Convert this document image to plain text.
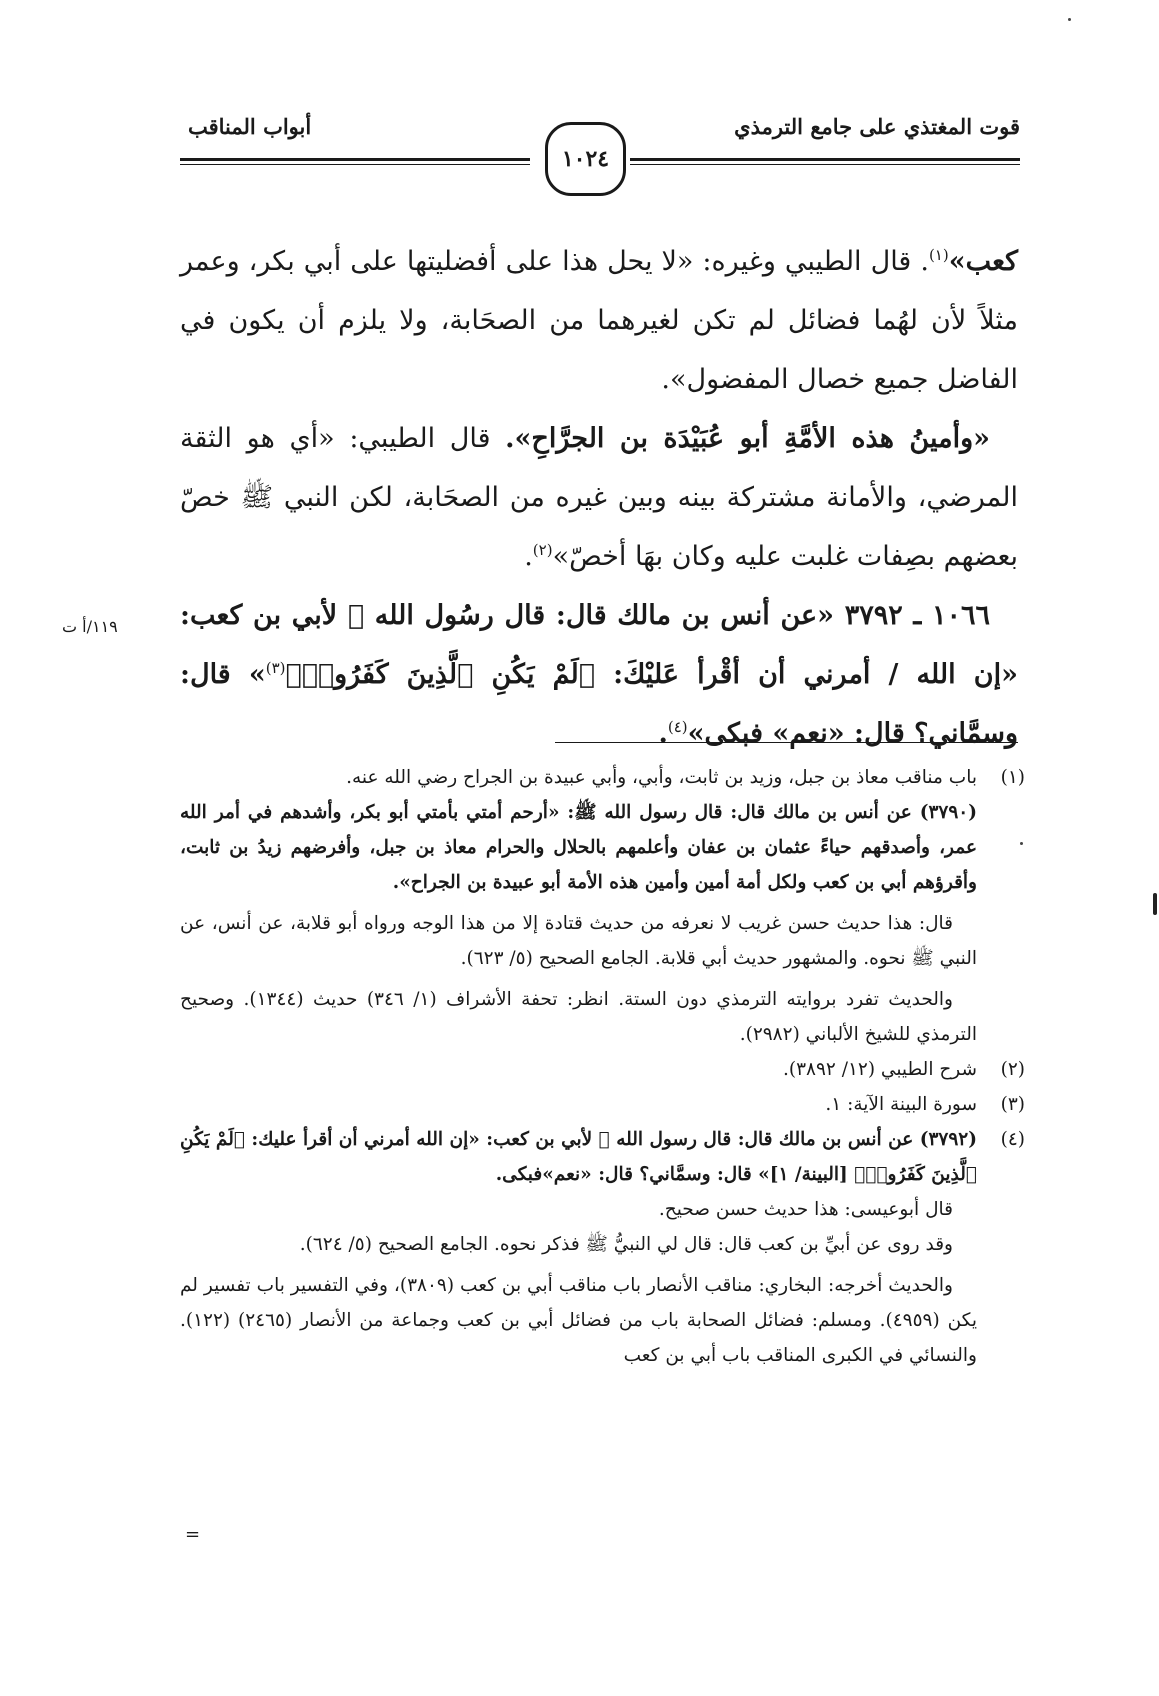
قوت المغتذي على جامع الترمذي
أبواب المناقب
١٠٢٤

كعب»$^{(١)}$. قال الطيبي وغيره: «لا يحل هذا على أفضليتها على أبي بكر، وعمر مثلاً لأن لهُما فضائل لم تكن لغيرهما من الصحَابة، ولا يلزم أن يكون في الفاضل جميع خصال المفضول».

«وأمينُ هذه الأمَّةِ أبو عُبَيْدَة بن الجرَّاحِ». قال الطيبي: «أي هو الثقة المرضي، والأمانة مشتركة بينه وبين غيره من الصحَابة، لكن النبي ﷺ خصّ بعضهم بصِفات غلبت عليه وكان بهَا أخصّ»$^{(٢)}$.

١٠٦٦ ـ ٣٧٩٢ «عن أنس بن مالك قال: قال رسُول الله ﷺ لأبي بن كعب: «إن الله / أمرني أن أقْرأ عَليْكَ: ﴿لَمْ يَكُنِ ٱلَّذِينَ كَفَرُوا۟﴾$^{(٣)}$» قال: وسمَّاني؟ قال: «نعم» فبكى»$^{(٤)}$.

١١٩/أ ت
(١)

باب مناقب معاذ بن جبل، وزيد بن ثابت، وأبي، وأبي عبيدة بن الجراح رضي الله عنه.

(٣٧٩٠) عن أنس بن مالك قال: قال رسول الله ﷺ: «أرحم أمتي بأمتي أبو بكر، وأشدهم في أمر الله عمر، وأصدقهم حياءً عثمان بن عفان وأعلمهم بالحلال والحرام معاذ بن جبل، وأفرضهم زيدُ بن ثابت، وأقرؤهم أبي بن كعب ولكل أمة أمين وأمين هذه الأمة أبو عبيدة بن الجراح».

قال: هذا حديث حسن غريب لا نعرفه من حديث قتادة إلا من هذا الوجه ورواه أبو قلابة، عن أنس، عن النبي ﷺ نحوه. والمشهور حديث أبي قلابة. الجامع الصحيح (٥/ ٦٢٣).

والحديث تفرد بروايته الترمذي دون الستة. انظر: تحفة الأشراف (١/ ٣٤٦) حديث (١٣٤٤). وصحيح الترمذي للشيخ الألباني (٢٩٨٢).

(٢)
شرح الطيبي (١٢/ ٣٨٩٢).
(٣)
سورة البينة الآية: ١.
(٤)

(٣٧٩٢) عن أنس بن مالك قال: قال رسول الله ﷺ لأبي بن كعب: «إن الله أمرني أن أقرأ عليك: ﴿لَمْ يَكُنِ ٱلَّذِينَ كَفَرُوا۟﴾ [البينة/ ١]» قال: وسمَّاني؟ قال: «نعم»فبكى.

قال أبوعيسى: هذا حديث حسن صحيح.

وقد روى عن أبيِّ بن كعب قال: قال لي النبيُّ ﷺ فذكر نحوه. الجامع الصحيح (٥/ ٦٢٤).

والحديث أخرجه: البخاري: مناقب الأنصار باب مناقب أبي بن كعب (٣٨٠٩)، وفي التفسير باب تفسير لم يكن (٤٩٥٩). ومسلم: فضائل الصحابة باب من فضائل أبي بن كعب وجماعة من الأنصار (٢٤٦٥) (١٢٢). والنسائي في الكبرى المناقب باب أبي بن كعب

=
